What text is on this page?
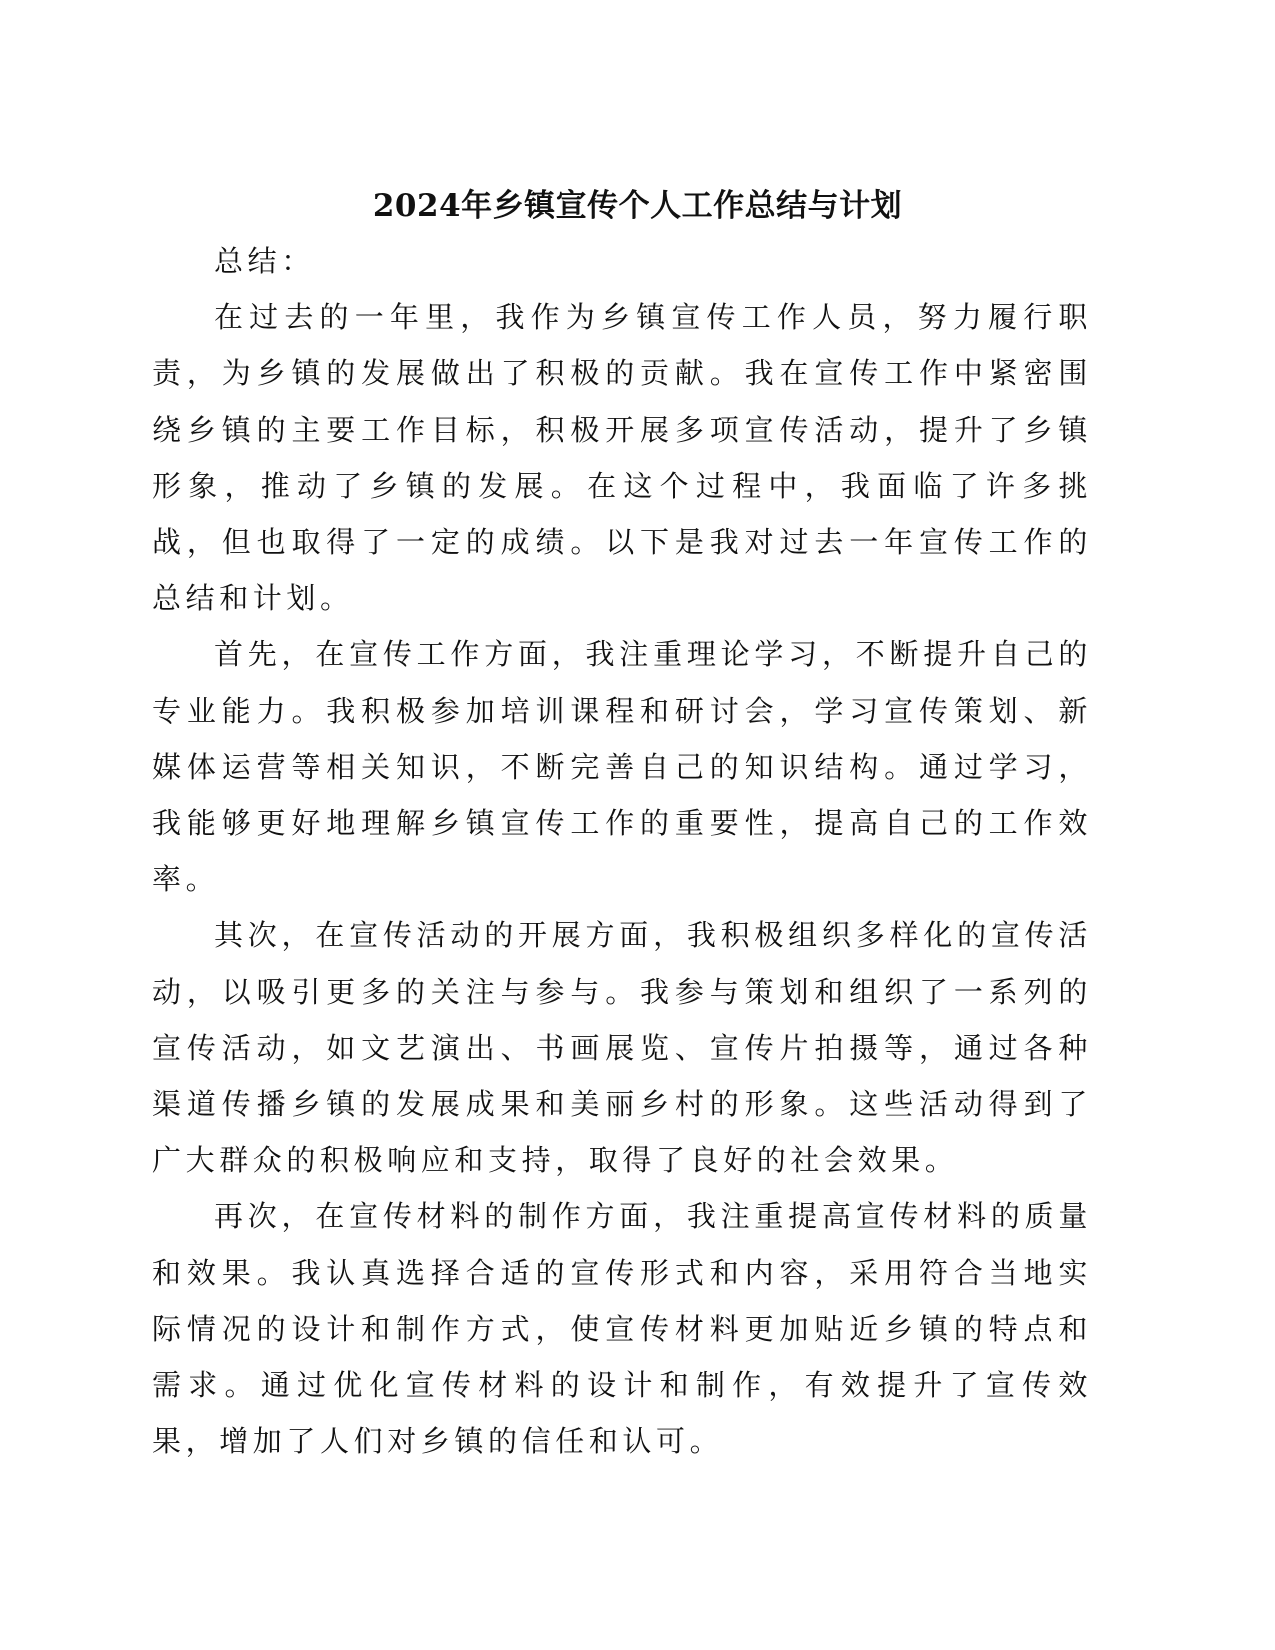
2024年乡镇宣传个人工作总结与计划

总结：

在过去的一年里，我作为乡镇宣传工作人员，努力履行职责，为乡镇的发展做出了积极的贡献。我在宣传工作中紧密围绕乡镇的主要工作目标，积极开展多项宣传活动，提升了乡镇形象，推动了乡镇的发展。在这个过程中，我面临了许多挑战，但也取得了一定的成绩。以下是我对过去一年宣传工作的总结和计划。

首先，在宣传工作方面，我注重理论学习，不断提升自己的专业能力。我积极参加培训课程和研讨会，学习宣传策划、新媒体运营等相关知识，不断完善自己的知识结构。通过学习，我能够更好地理解乡镇宣传工作的重要性，提高自己的工作效率。

其次，在宣传活动的开展方面，我积极组织多样化的宣传活动，以吸引更多的关注与参与。我参与策划和组织了一系列的宣传活动，如文艺演出、书画展览、宣传片拍摄等，通过各种渠道传播乡镇的发展成果和美丽乡村的形象。这些活动得到了广大群众的积极响应和支持，取得了良好的社会效果。

再次，在宣传材料的制作方面，我注重提高宣传材料的质量和效果。我认真选择合适的宣传形式和内容，采用符合当地实际情况的设计和制作方式，使宣传材料更加贴近乡镇的特点和需求。通过优化宣传材料的设计和制作，有效提升了宣传效果，增加了人们对乡镇的信任和认可。
